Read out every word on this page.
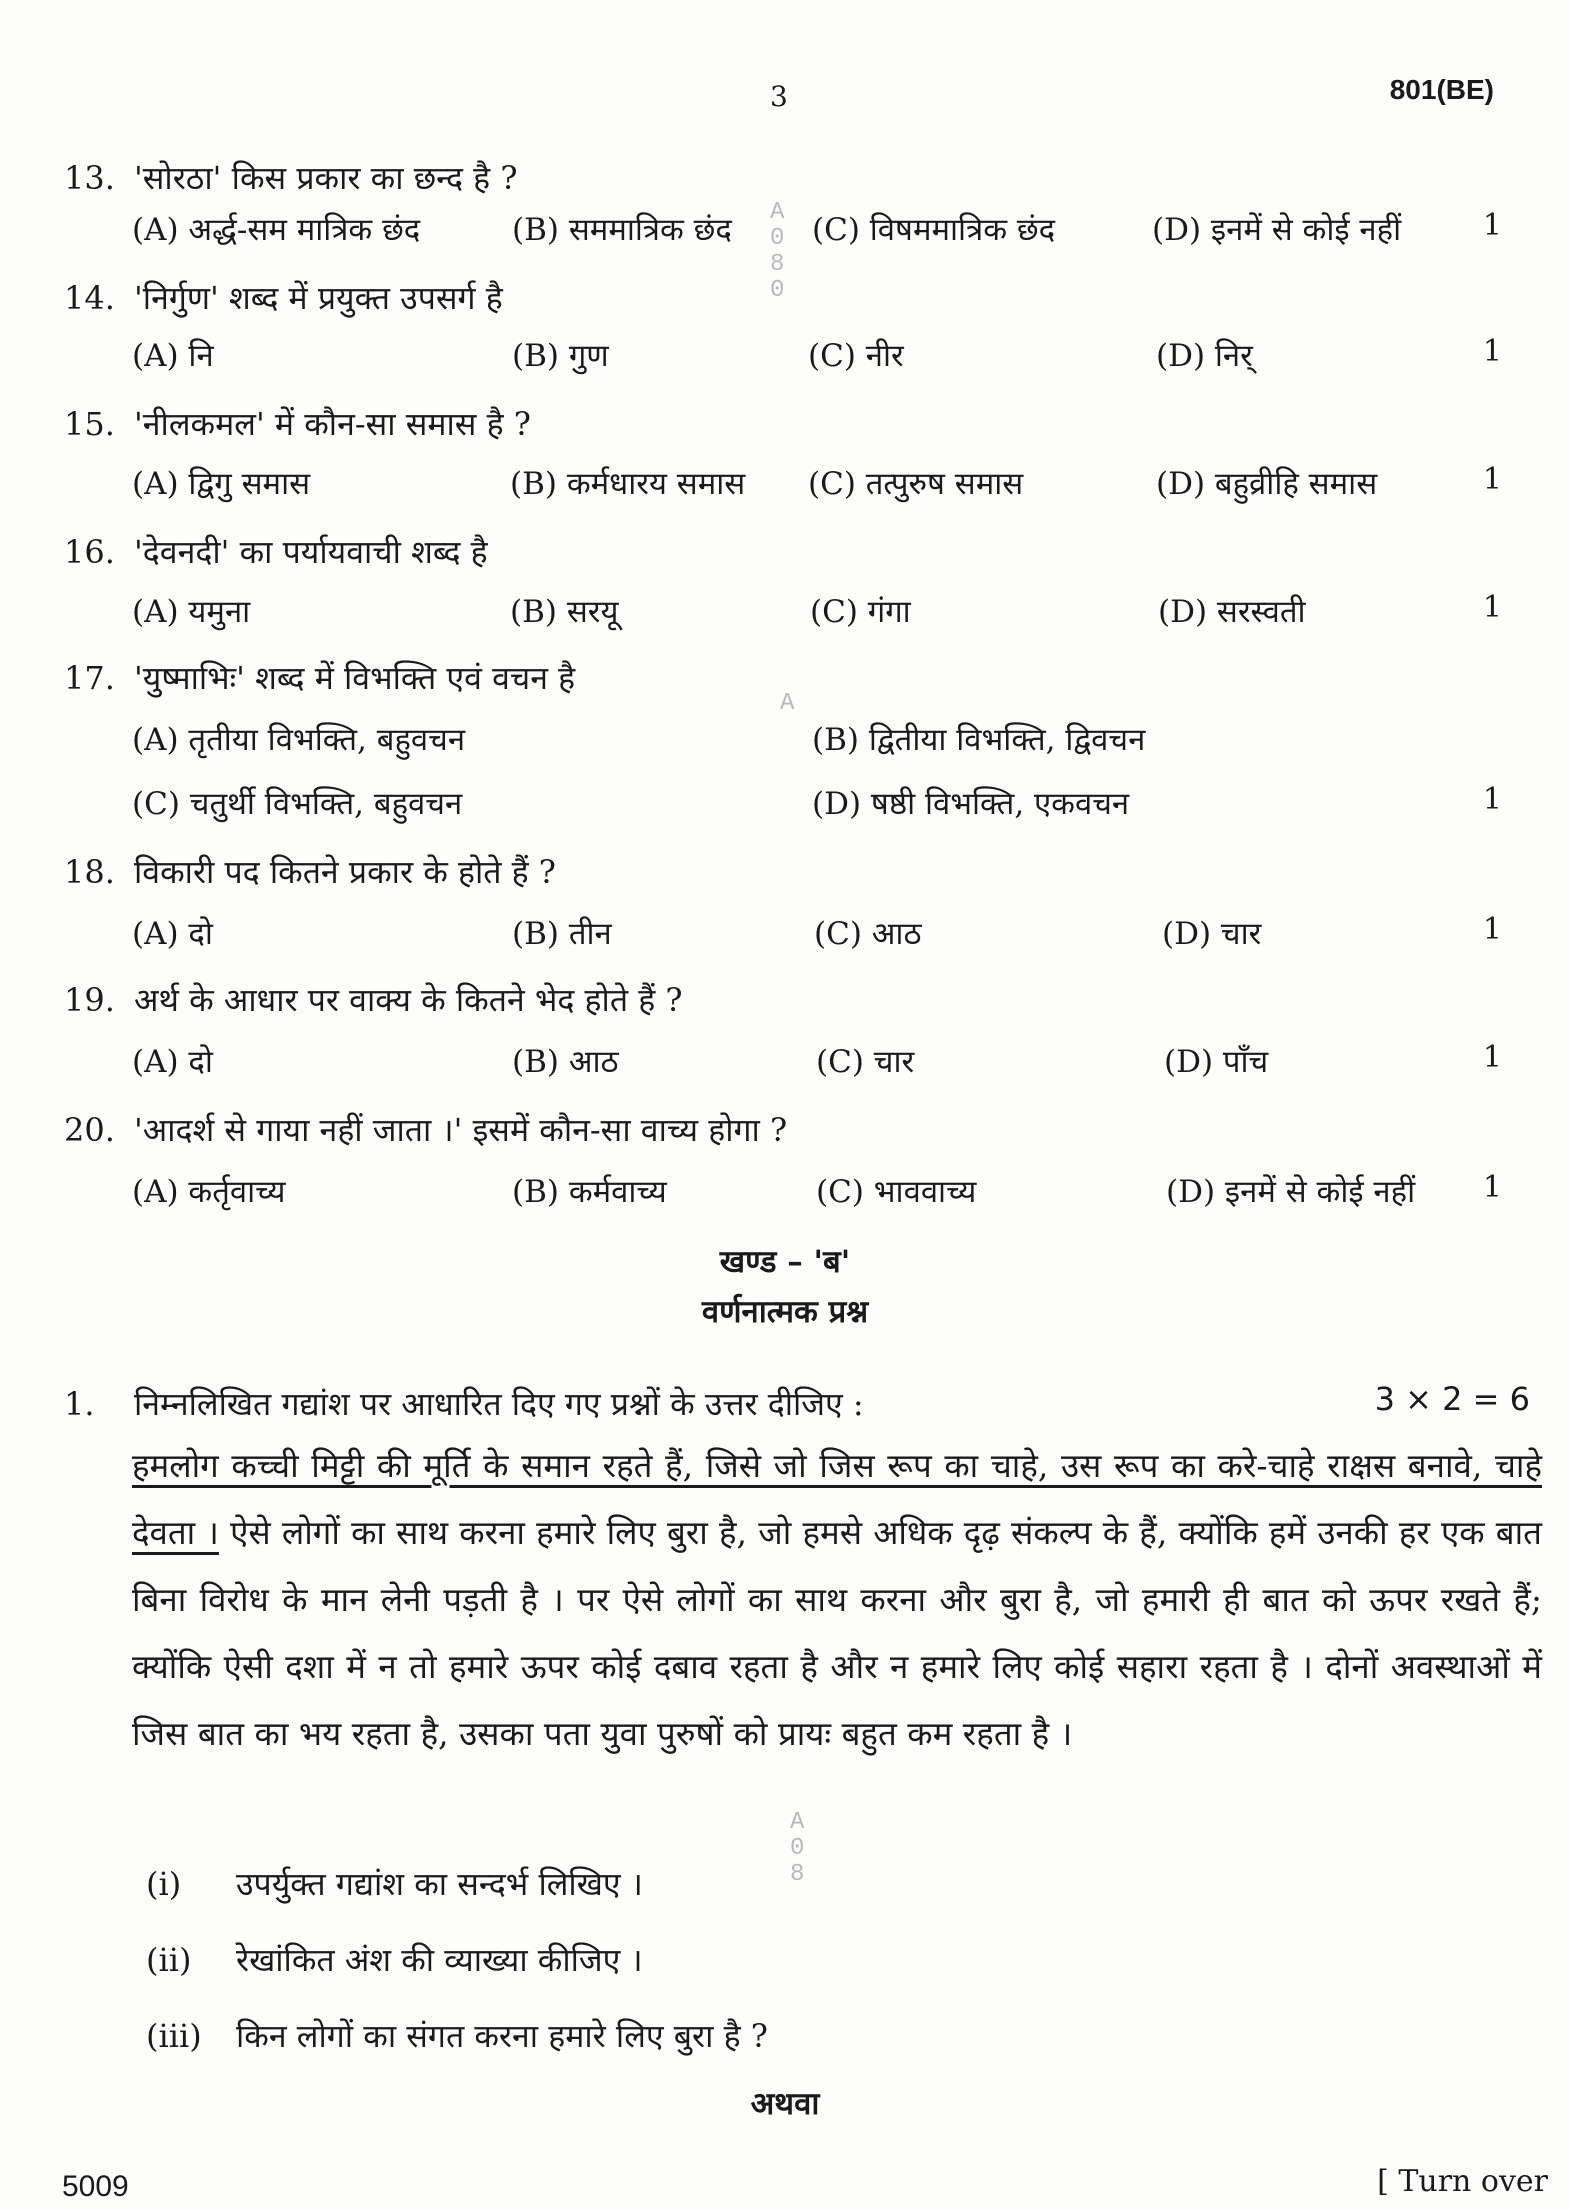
3	801(BE)
13. 'सोरठा' किस प्रकार का छन्द है ?
(A) अर्द्ध-सम मात्रिक छंद	(B) सममात्रिक छंद	(C) विषममात्रिक छंद	(D) इनमें से कोई नहीं	1
14. 'निर्गुण' शब्द में प्रयुक्त उपसर्ग है
(A) नि	(B) गुण	(C) नीर	(D) निर्	1
15. 'नीलकमल' में कौन-सा समास है ?
(A) द्विगु समास	(B) कर्मधारय समास (C) तत्पुरुष समास	(D) बहुव्रीहि समास	1
16. 'देवनदी' का पर्यायवाची शब्द है
(A) यमुना	(B) सरयू	(C) गंगा	(D) सरस्वती	1
17. 'युष्माभिः' शब्द में विभक्ति एवं वचन है
(A) तृतीया विभक्ति, बहुवचन	(B) द्वितीया विभक्ति, द्विवचन
(C) चतुर्थी विभक्ति, बहुवचन	(D) षष्ठी विभक्ति, एकवचन	1
18. विकारी पद कितने प्रकार के होते हैं ?
(A) दो	(B) तीन	(C) आठ	(D) चार	1
19. अर्थ के आधार पर वाक्य के कितने भेद होते हैं ?
(A) दो	(B) आठ	(C) चार	(D) पाँच	1
20. 'आदर्श से गाया नहीं जाता ।' इसमें कौन-सा वाच्य होगा ?
(A) कर्तृवाच्य	(B) कर्मवाच्य	(C) भाववाच्य	(D) इनमें से कोई नहीं 1
खण्ड – 'ब'
वर्णनात्मक प्रश्न
1. निम्नलिखित गद्यांश पर आधारित दिए गए प्रश्नों के उत्तर दीजिए :	3 × 2 = 6
हमलोग कच्ची मिट्टी की मूर्ति के समान रहते हैं, जिसे जो जिस रूप का चाहे, उस रूप का करे-चाहे राक्षस बनावे, चाहे देवता । ऐसे लोगों का साथ करना हमारे लिए बुरा है, जो हमसे अधिक दृढ़ संकल्प के हैं, क्योंकि हमें उनकी हर एक बात बिना विरोध के मान लेनी पड़ती है । पर ऐसे लोगों का साथ करना और बुरा है, जो हमारी ही बात को ऊपर रखते हैं; क्योंकि ऐसी दशा में न तो हमारे ऊपर कोई दबाव रहता है और न हमारे लिए कोई सहारा रहता है । दोनों अवस्थाओं में जिस बात का भय रहता है, उसका पता युवा पुरुषों को प्रायः बहुत कम रहता है ।
(i) उपर्युक्त गद्यांश का सन्दर्भ लिखिए ।
(ii) रेखांकित अंश की व्याख्या कीजिए ।
(iii) किन लोगों का संगत करना हमारे लिए बुरा है ?
अथवा
5009	[ Turn over
A
0
8
0
A
A
0
8
